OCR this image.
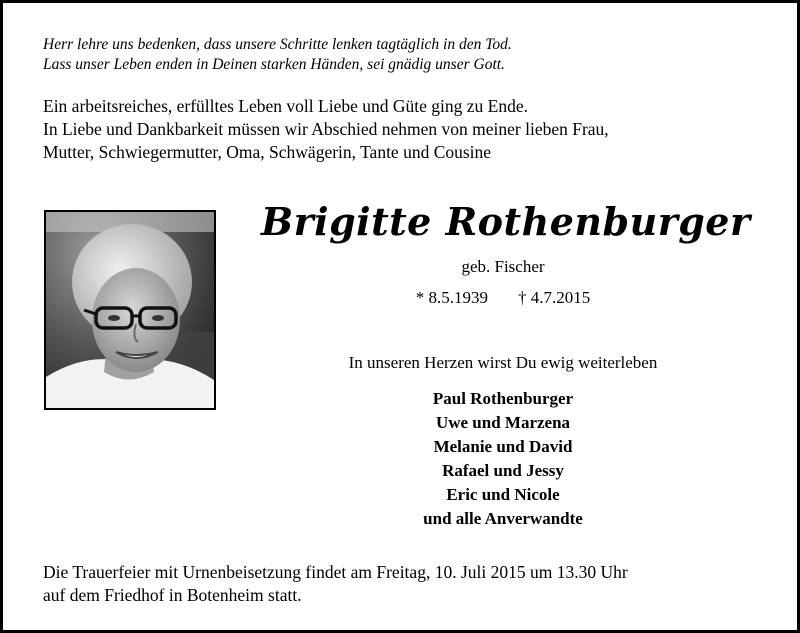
Herr lehre uns bedenken, dass unsere Schritte lenken tagtäglich in den Tod.
Lass unser Leben enden in Deinen starken Händen, sei gnädig unser Gott.
Ein arbeitsreiches, erfülltes Leben voll Liebe und Güte ging zu Ende.
In Liebe und Dankbarkeit müssen wir Abschied nehmen von meiner lieben Frau,
Mutter, Schwiegermutter, Oma, Schwägerin, Tante und Cousine
Brigitte Rothenburger
geb. Fischer
* 8.5.1939 † 4.7.2015
In unseren Herzen wirst Du ewig weiterleben
Paul Rothenburger
Uwe und Marzena
Melanie und David
Rafael und Jessy
Eric und Nicole
und alle Anverwandte
Die Trauerfeier mit Urnenbeisetzung findet am Freitag, 10. Juli 2015 um 13.30 Uhr
auf dem Friedhof in Botenheim statt.
